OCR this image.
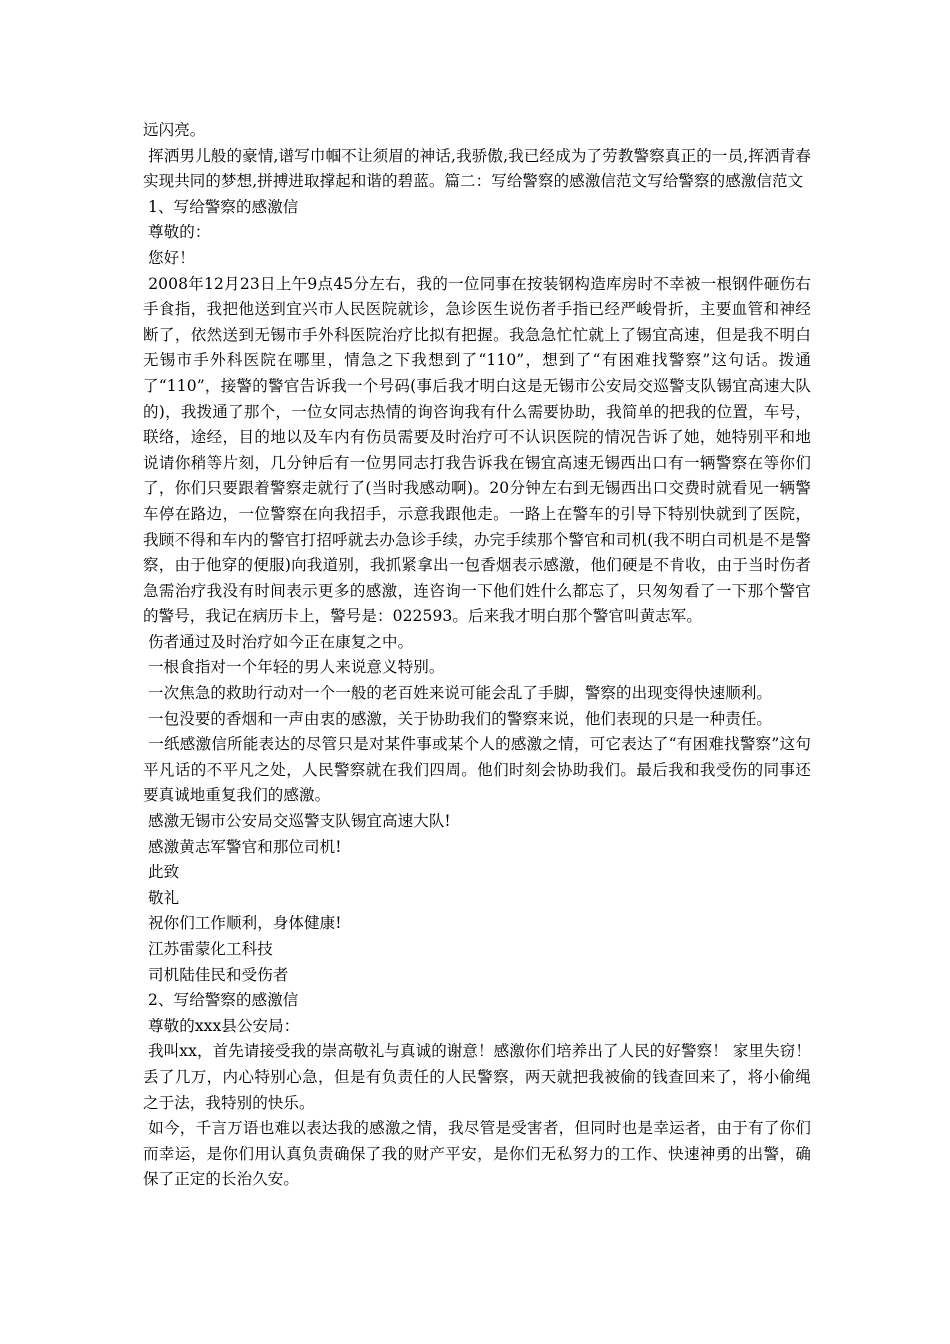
远闪亮。

挥洒男儿般的豪情,谱写巾帼不让须眉的神话,我骄傲,我已经成为了劳教警察真正的一员,挥洒青春实现共同的梦想,拼搏进取撑起和谐的碧蓝。篇二：写给警察的感激信范文写给警察的感激信范文

1、写给警察的感激信

尊敬的：

您好！

2008年12月23日上午9点45分左右，我的一位同事在按装钢构造库房时不幸被一根钢件砸伤右手食指，我把他送到宜兴市人民医院就诊，急诊医生说伤者手指已经严峻骨折，主要血管和神经断了，依然送到无锡市手外科医院治疗比拟有把握。我急急忙忙就上了锡宜高速，但是我不明白无锡市手外科医院在哪里，情急之下我想到了“110”，想到了“有困难找警察”这句话。拨通了“110”，接警的警官告诉我一个号码(事后我才明白这是无锡市公安局交巡警支队锡宜高速大队的)，我拨通了那个，一位女同志热情的询咨询我有什么需要协助，我简单的把我的位置，车号，联络，途经，目的地以及车内有伤员需要及时治疗可不认识医院的情况告诉了她，她特别平和地说请你稍等片刻，几分钟后有一位男同志打我告诉我在锡宜高速无锡西出口有一辆警察在等你们了，你们只要跟着警察走就行了(当时我感动啊)。20分钟左右到无锡西出口交费时就看见一辆警车停在路边，一位警察在向我招手，示意我跟他走。一路上在警车的引导下特别快就到了医院，我顾不得和车内的警官打招呼就去办急诊手续，办完手续那个警官和司机(我不明白司机是不是警察，由于他穿的便服)向我道别，我抓紧拿出一包香烟表示感激，他们硬是不肯收，由于当时伤者急需治疗我没有时间表示更多的感激，连咨询一下他们姓什么都忘了，只匆匆看了一下那个警官的警号，我记在病历卡上，警号是：022593。后来我才明白那个警官叫黄志军。

伤者通过及时治疗如今正在康复之中。

一根食指对一个年轻的男人来说意义特别。

一次焦急的救助行动对一个一般的老百姓来说可能会乱了手脚，警察的出现变得快速顺利。

一包没要的香烟和一声由衷的感激，关于协助我们的警察来说，他们表现的只是一种责任。

一纸感激信所能表达的尽管只是对某件事或某个人的感激之情，可它表达了“有困难找警察”这句平凡话的不平凡之处，人民警察就在我们四周。他们时刻会协助我们。最后我和我受伤的同事还要真诚地重复我们的感激。

感激无锡市公安局交巡警支队锡宜高速大队!

感激黄志军警官和那位司机!

此致

敬礼

祝你们工作顺利，身体健康!

江苏雷蒙化工科技

司机陆佳民和受伤者

2、写给警察的感激信

尊敬的xxx县公安局：

我叫xx，首先请接受我的崇高敬礼与真诚的谢意！感激你们培养出了人民的好警察！ 家里失窃！丢了几万，内心特别心急，但是有负责任的人民警察，两天就把我被偷的钱查回来了，将小偷绳之于法，我特别的快乐。

如今，千言万语也难以表达我的感激之情，我尽管是受害者，但同时也是幸运者，由于有了你们而幸运，是你们用认真负责确保了我的财产平安，是你们无私努力的工作、快速神勇的出警，确保了正定的长治久安。
